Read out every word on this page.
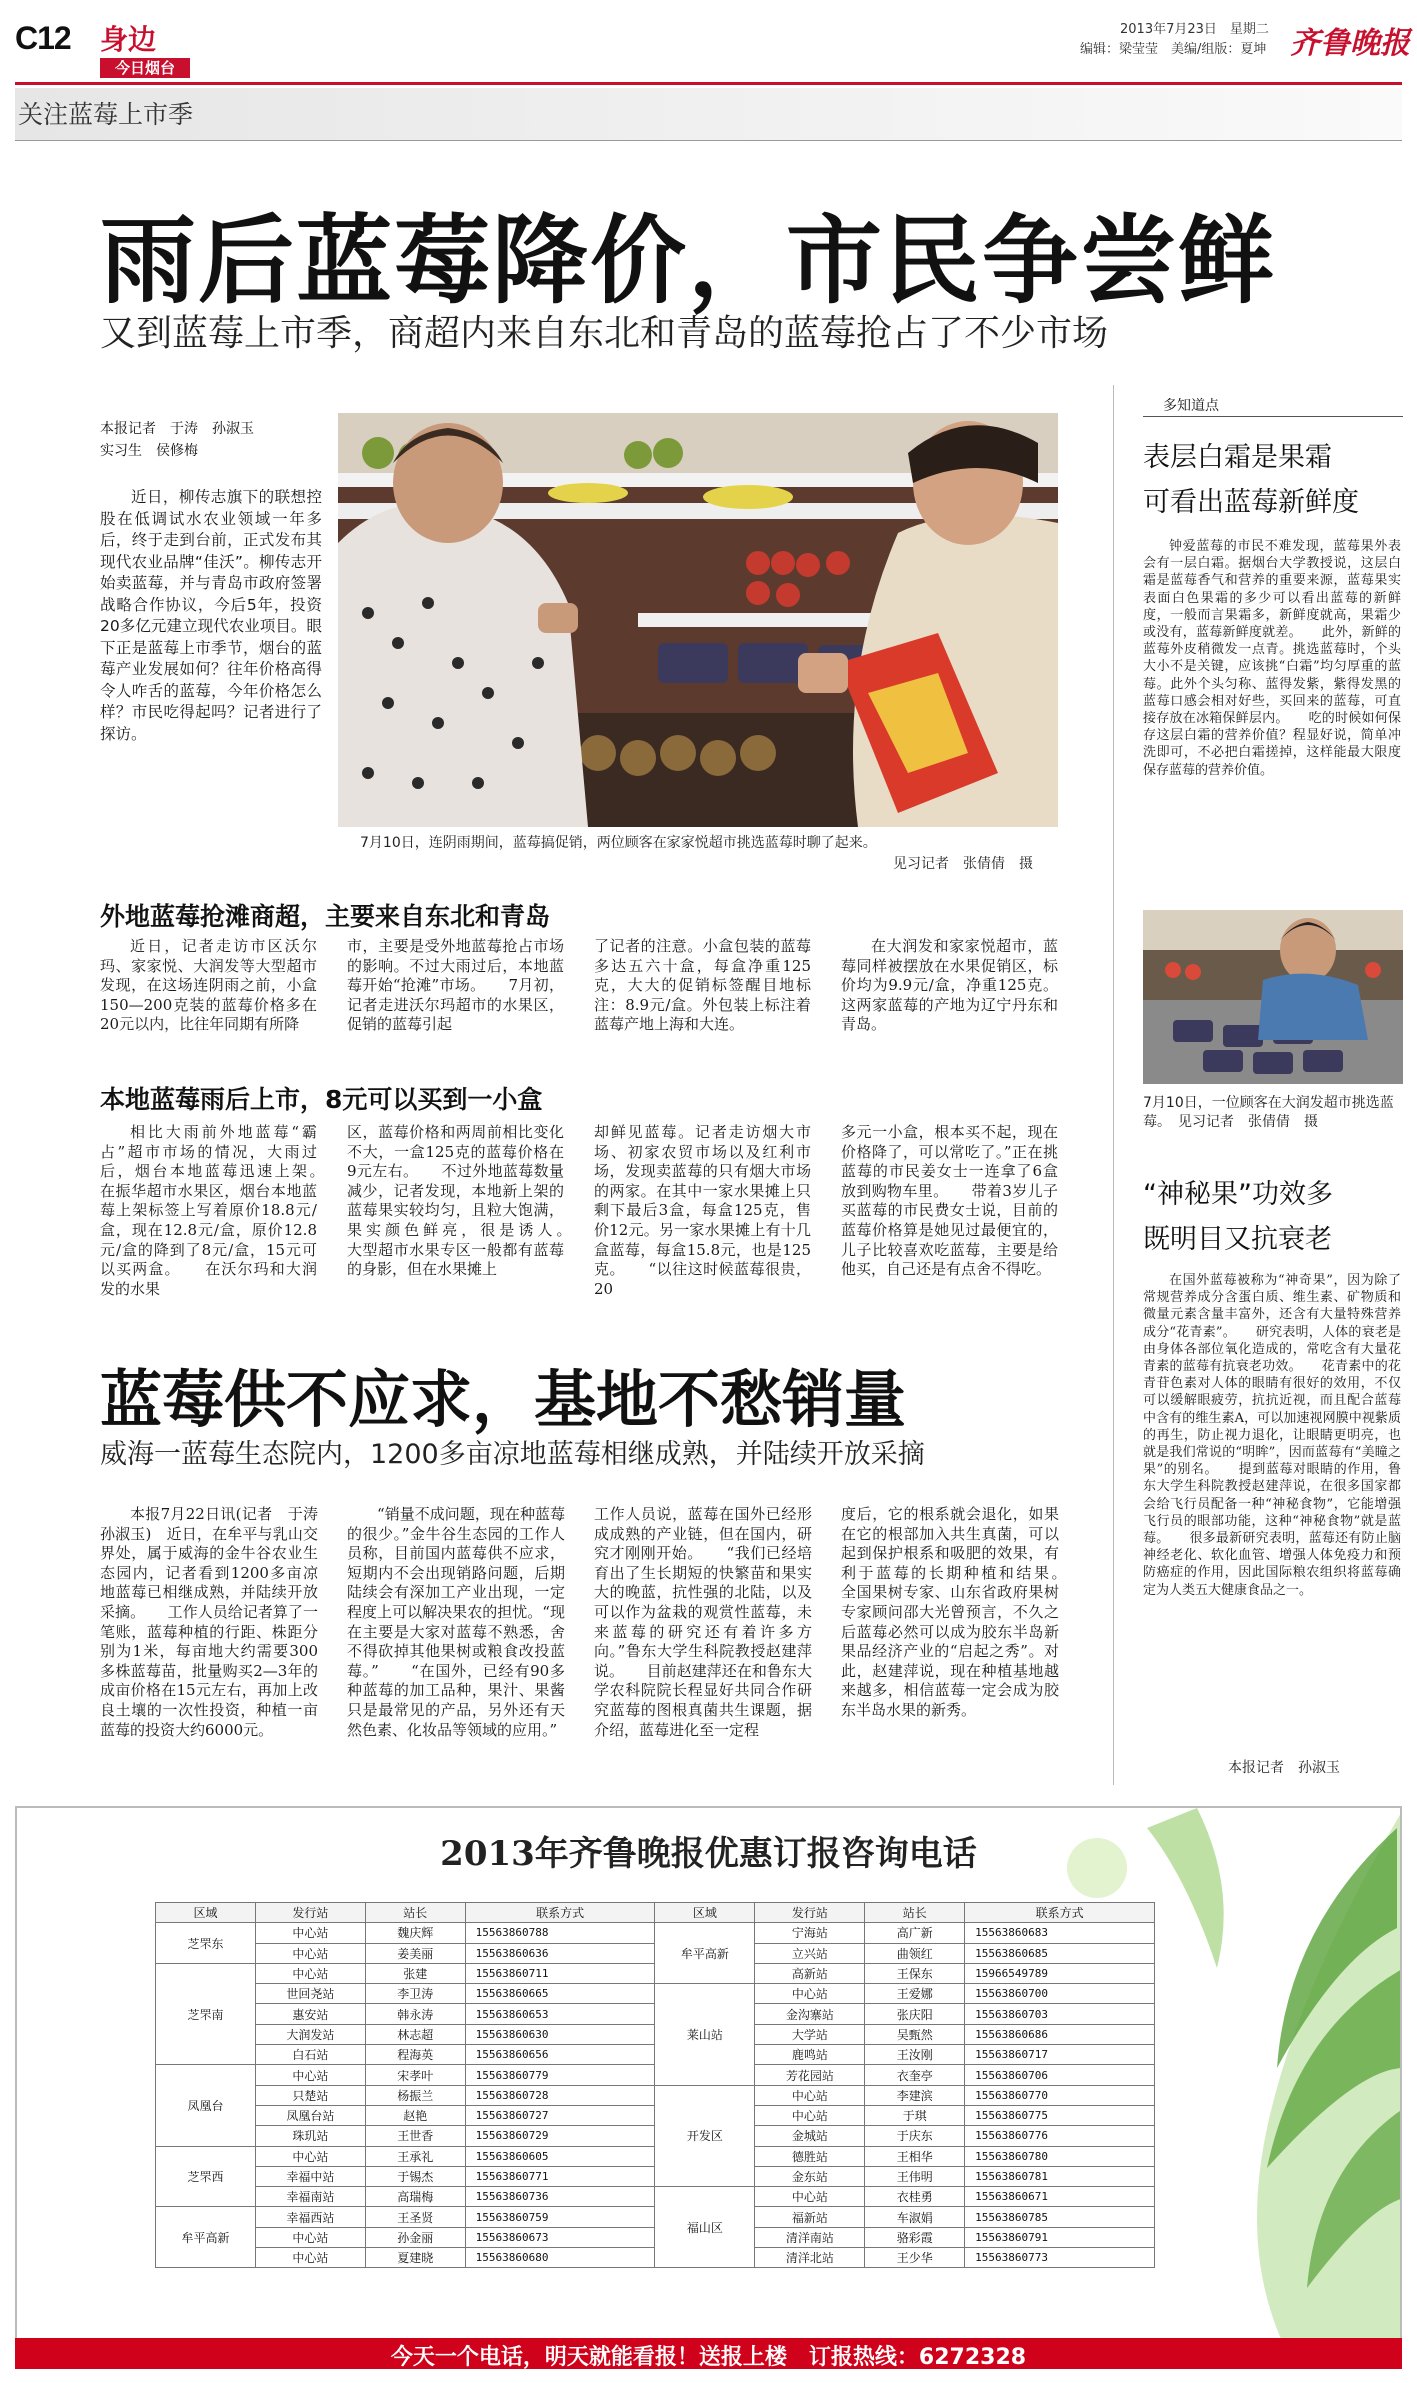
C12 身边
今日烟台
2013年7月23日　 星期二
编辑：梁莹莹　美编/组版：夏坤 齐鲁晚报
关注蓝莓上市季
雨后蓝莓降价，市民争尝鲜
又到蓝莓上市季，商超内来自东北和青岛的蓝莓抢占了不少市场
本报记者　于涛　孙淑玉
实习生　侯修梅

近日，柳传志旗下的联想控股在低调试水农业领域一年多后，终于走到台前，正式发布其现代农业品牌“佳沃”。柳传志开始卖蓝莓，并与青岛市政府签署战略合作协议，今后5年，投资20多亿元建立现代农业项目。眼下正是蓝莓上市季节，烟台的蓝莓产业发展如何？往年价格高得令人咋舌的蓝莓，今年价格怎么样？市民吃得起吗？记者进行了探访。

7月10日，连阴雨期间，蓝莓搞促销，两位顾客在家家悦超市挑选蓝莓时聊了起来。
见习记者　张倩倩　摄
外地蓝莓抢滩商超，主要来自东北和青岛

近日，记者走访市区沃尔玛、家家悦、大润发等大型超市发现，在这场连阴雨之前，小盒150—200克装的蓝莓价格多在20元以内，比往年同期有所降

市，主要是受外地蓝莓抢占市场的影响。不过大雨过后，本地蓝莓开始“抢滩”市场。　　7月初，记者走进沃尔玛超市的水果区，促销的蓝莓引起

了记者的注意。小盒包装的蓝莓多达五六十盒，每盒净重125克，大大的促销标签醒目地标注：8.9元/盒。外包装上标注着蓝莓产地上海和大连。

在大润发和家家悦超市，蓝莓同样被摆放在水果促销区，标价均为9.9元/盒，净重125克。这两家蓝莓的产地为辽宁丹东和青岛。

本地蓝莓雨后上市，8元可以买到一小盒

相比大雨前外地蓝莓“霸占”超市市场的情况，大雨过后，烟台本地蓝莓迅速上架。　　在振华超市水果区，烟台本地蓝莓上架标签上写着原价18.8元/盒，现在12.8元/盒，原价12.8元/盒的降到了8元/盒，15元可以买两盒。　　在沃尔玛和大润发的水果

区，蓝莓价格和两周前相比变化不大，一盒125克的蓝莓价格在9元左右。　　不过外地蓝莓数量减少，记者发现，本地新上架的蓝莓果实较均匀，且粒大饱满，果实颜色鲜亮，很是诱人。　　大型超市水果专区一般都有蓝莓的身影，但在水果摊上

却鲜见蓝莓。记者走访烟大市场、初家农贸市场以及红利市场，发现卖蓝莓的只有烟大市场的两家。在其中一家水果摊上只剩下最后3盒，每盒125克，售价12元。另一家水果摊上有十几盒蓝莓，每盒15.8元，也是125克。　　“以往这时候蓝莓很贵，20

多元一小盒，根本买不起，现在价格降了，可以常吃了。”正在挑蓝莓的市民姜女士一连拿了6盒放到购物车里。　　带着3岁儿子买蓝莓的市民费女士说，目前的蓝莓价格算是她见过最便宜的，儿子比较喜欢吃蓝莓，主要是给他买，自己还是有点舍不得吃。

多知道点
表层白霜是果霜
可看出蓝莓新鲜度

钟爱蓝莓的市民不难发现，蓝莓果外表会有一层白霜。据烟台大学教授说，这层白霜是蓝莓香气和营养的重要来源，蓝莓果实表面白色果霜的多少可以看出蓝莓的新鲜度，一般而言果霜多，新鲜度就高，果霜少或没有，蓝莓新鲜度就差。　　此外，新鲜的蓝莓外皮稍微发一点青。挑选蓝莓时，个头大小不是关键，应该挑“白霜”均匀厚重的蓝莓。此外个头匀称、蓝得发紫，紫得发黑的蓝莓口感会相对好些，买回来的蓝莓，可直接存放在冰箱保鲜层内。　　吃的时候如何保存这层白霜的营养价值？程显好说，简单冲洗即可，不必把白霜搓掉，这样能最大限度保存蓝莓的营养价值。

7月10日，一位顾客在大润发超市挑选蓝莓。　见习记者　张倩倩　摄
“神秘果”功效多
既明目又抗衰老

在国外蓝莓被称为“神奇果”，因为除了常规营养成分含蛋白质、维生素、矿物质和微量元素含量丰富外，还含有大量特殊营养成分“花青素”。　　研究表明，人体的衰老是由身体各部位氧化造成的，常吃含有大量花青素的蓝莓有抗衰老功效。　　花青素中的花青苷色素对人体的眼睛有很好的效用，不仅可以缓解眼疲劳，抗抗近视，而且配合蓝莓中含有的维生素A，可以加速视网膜中视紫质的再生，防止视力退化，让眼睛更明亮，也就是我们常说的“明眸”，因而蓝莓有“美瞳之果”的别名。　　提到蓝莓对眼睛的作用，鲁东大学生科院教授赵建萍说，在很多国家都会给飞行员配备一种“神秘食物”，它能增强飞行员的眼部功能，这种“神秘食物”就是蓝莓。　　很多最新研究表明，蓝莓还有防止脑神经老化、软化血管、增强人体免疫力和预防癌症的作用，因此国际粮农组织将蓝莓确定为人类五大健康食品之一。

本报记者　孙淑玉
蓝莓供不应求，基地不愁销量
威海一蓝莓生态院内，1200多亩凉地蓝莓相继成熟，并陆续开放采摘

本报7月22日讯(记者　于涛　孙淑玉)　近日，在牟平与乳山交界处，属于威海的金牛谷农业生态园内，记者看到1200多亩凉地蓝莓已相继成熟，并陆续开放采摘。　　工作人员给记者算了一笔账，蓝莓种植的行距、株距分别为1米，每亩地大约需要300多株蓝莓苗，批量购买2—3年的成亩价格在15元左右，再加上改良土壤的一次性投资，种植一亩蓝莓的投资大约6000元。

“销量不成问题，现在种蓝莓的很少。”金牛谷生态园的工作人员称，目前国内蓝莓供不应求，短期内不会出现销路问题，后期陆续会有深加工产业出现，一定程度上可以解决果农的担忧。“现在主要是大家对蓝莓不熟悉，舍不得砍掉其他果树或粮食改投蓝莓。”　　“在国外，已经有90多种蓝莓的加工品种，果汁、果酱只是最常见的产品，另外还有天然色素、化妆品等领域的应用。”

工作人员说，蓝莓在国外已经形成成熟的产业链，但在国内，研究才刚刚开始。　　“我们已经培育出了生长期短的快繁苗和果实大的晚蓝，抗性强的北陆，以及可以作为盆栽的观赏性蓝莓，未来蓝莓的研究还有着许多方向。”鲁东大学生科院教授赵建萍说。　　目前赵建萍还在和鲁东大学农科院院长程显好共同合作研究蓝莓的图根真菌共生课题，据介绍，蓝莓进化至一定程

度后，它的根系就会退化，如果在它的根部加入共生真菌，可以起到保护根系和吸肥的效果，有利于蓝莓的长期种植和结果。　　全国果树专家、山东省政府果树专家顾问邵大光曾预言，不久之后蓝莓必然可以成为胶东半岛新果品经济产业的“启起之秀”。对此，赵建萍说，现在种植基地越来越多，相信蓝莓一定会成为胶东半岛水果的新秀。

2013年齐鲁晚报优惠订报咨询电话
区域	发行站	站长	联系方式	区域	发行站	站长	联系方式
芝罘东	中心站	魏庆辉	15563860788	牟平高新	宁海站	高广新	15563860683
	中心站	姜美丽	15563860636		立兴站	曲领红	15563860685
芝罘南	中心站	张建	15563860711		高新站	王保东	15966549789
	世回尧站	李卫涛	15563860665	莱山站	中心站	王爱娜	15563860700
	惠安站	韩永涛	15563860653		金沟寨站	张庆阳	15563860703
	大润发站	林志超	15563860630		大学站	吴甄然	15563860686
	白石站	程海英	15563860656		鹿鸣站	王汝刚	15563860717
凤凰台	中心站	宋孝叶	15563860779		芳花园站	衣奎亭	15563860706
	只楚站	杨振兰	15563860728	开发区	中心站	李建滨	15563860770
	凤凰台站	赵艳	15563860727		中心站	于琪	15563860775
	珠玑站	王世香	15563860729		金城站	于庆东	15563860776
芝罘西	中心站	王承礼	15563860605		德胜站	王相华	15563860780
	幸福中站	于锡杰	15563860771		金东站	王伟明	15563860781
	幸福南站	高瑞梅	15563860736	福山区	中心站	衣桂勇	15563860671
牟平高新	幸福西站	王圣贤	15563860759		福新站	车淑娟	15563860785
	中心站	孙金丽	15563860673		清洋南站	骆彩霞	15563860791
	中心站	夏建晓	15563860680		清洋北站	王少华	15563860773
今天一个电话，明天就能看报！送报上楼　订报热线：6272328
